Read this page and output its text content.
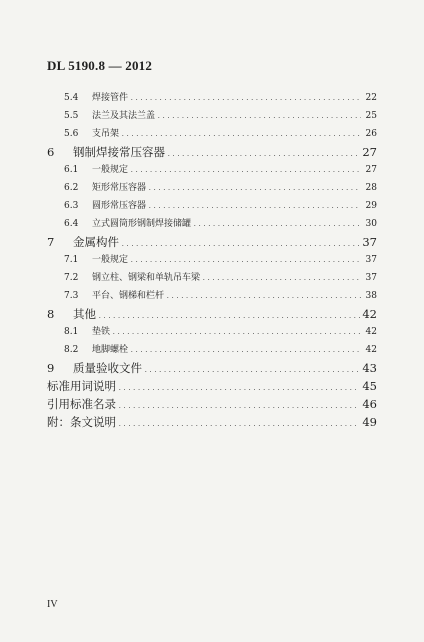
DL 5190.8 — 2012
5.4	焊接管件 .....	22
5.5	法兰及其法兰盖 .....	25
5.6	支吊架 .....	26
6	钢制焊接常压容器 .....	27
6.1	一般规定 .....	27
6.2	矩形常压容器 .....	28
6.3	圆形常压容器 .....	29
6.4	立式圆筒形钢制焊接储罐 .....	30
7	金属构件 .....	37
7.1	一般规定 .....	37
7.2	钢立柱、钢梁和单轨吊车梁 .....	37
7.3	平台、钢梯和栏杆 .....	38
8	其他 .....	42
8.1	垫铁 .....	42
8.2	地脚螺栓 .....	42
9	质量验收文件 .....	43
标准用词说明 .....	45
引用标准名录 .....	46
附：条文说明 .....	49
IV
